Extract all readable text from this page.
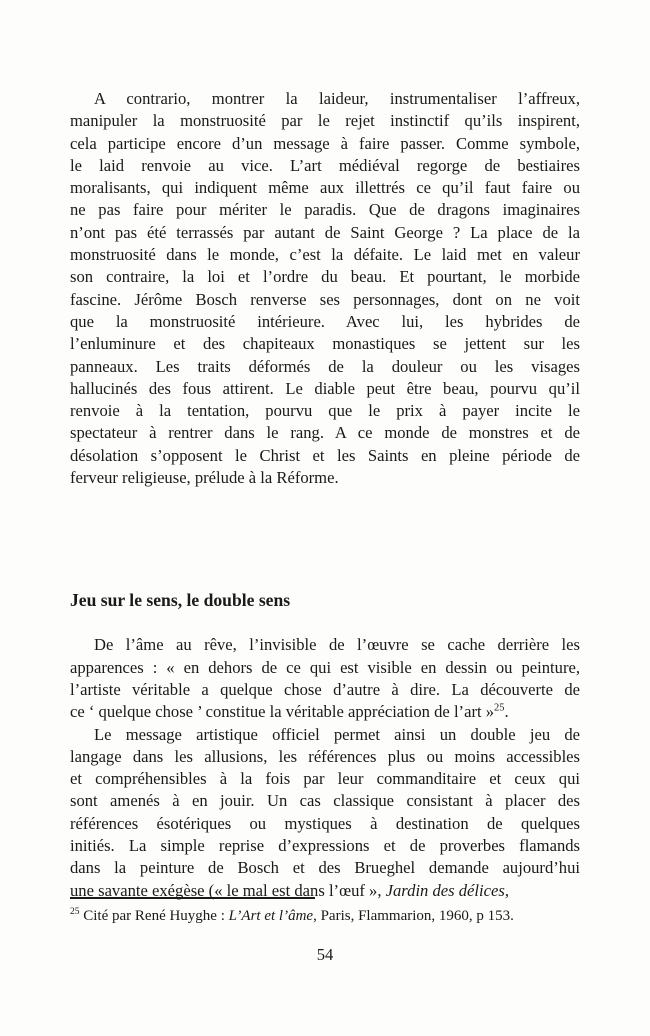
A contrario, montrer la laideur, instrumentaliser l’affreux,
manipuler la monstruosité par le rejet instinctif qu’ils inspirent,
cela participe encore d’un message à faire passer. Comme symbole,
le laid renvoie au vice. L’art médiéval regorge de bestiaires
moralisants, qui indiquent même aux illettrés ce qu’il faut faire ou
ne pas faire pour mériter le paradis. Que de dragons imaginaires
n’ont pas été terrassés par autant de Saint George ? La place de la
monstruosité dans le monde, c’est la défaite. Le laid met en valeur
son contraire, la loi et l’ordre du beau. Et pourtant, le morbide
fascine. Jérôme Bosch renverse ses personnages, dont on ne voit
que la monstruosité intérieure. Avec lui, les hybrides de
l’enluminure et des chapiteaux monastiques se jettent sur les
panneaux. Les traits déformés de la douleur ou les visages
hallucinés des fous attirent. Le diable peut être beau, pourvu qu’il
renvoie à la tentation, pourvu que le prix à payer incite le
spectateur à rentrer dans le rang. A ce monde de monstres et de
désolation s’opposent le Christ et les Saints en pleine période de
ferveur religieuse, prélude à la Réforme.
Jeu sur le sens, le double sens
De l’âme au rêve, l’invisible de l’œuvre se cache derrière les
apparences : « en dehors de ce qui est visible en dessin ou peinture,
l’artiste véritable a quelque chose d’autre à dire. La découverte de
ce ‘ quelque chose ’ constitue la véritable appréciation de l’art »$^{25}$.
Le message artistique officiel permet ainsi un double jeu de
langage dans les allusions, les références plus ou moins accessibles
et compréhensibles à la fois par leur commanditaire et ceux qui
sont amenés à en jouir. Un cas classique consistant à placer des
références ésotériques ou mystiques à destination de quelques
initiés. La simple reprise d’expressions et de proverbes flamands
dans la peinture de Bosch et des Brueghel demande aujourd’hui
une savante exégèse (« le mal est dans l’œuf », Jardin des délices,
$^{25}$ Cité par René Huyghe : L’Art et l’âme, Paris, Flammarion, 1960, p 153.
54
